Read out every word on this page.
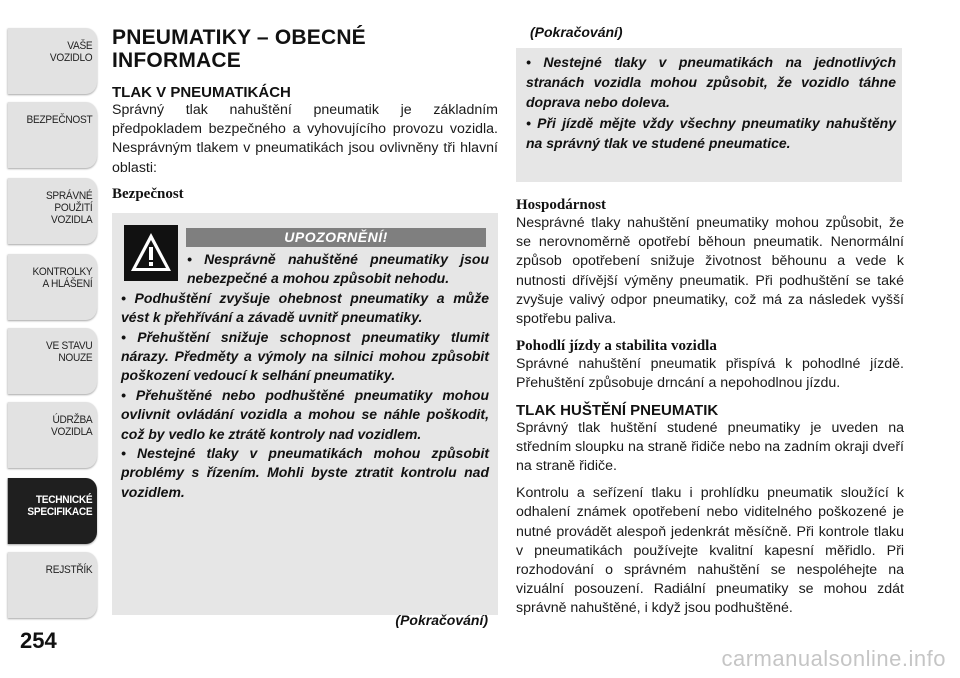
VAŠE
VOZIDLO
BEZPEČNOST
SPRÁVNÉ
POUŽITÍ
VOZIDLA
KONTROLKY
A HLÁŠENÍ
VE STAVU
NOUZE
ÚDRŽBA
VOZIDLA
TECHNICKÉ
SPECIFIKACE
REJSTŘÍK
254
PNEUMATIKY – OBECNÉ
INFORMACE
TLAK V PNEUMATIKÁCH

Správný tlak nahuštění pneumatik je základním předpokladem bezpečného a vyhovujícího provozu vozidla. Nesprávným tlakem v pneumatikách jsou ovlivněny tři hlavní oblasti:

Bezpečnost
UPOZORNĚNÍ!

• Nesprávně nahuštěné pneumatiky jsou nebezpečné a mohou způsobit nehodu.

• Podhuštění zvyšuje ohebnost pneumatiky a může vést k přehřívání a závadě uvnitř pneumatiky.

• Přehuštění snižuje schopnost pneumatiky tlumit nárazy. Předměty a výmoly na silnici mohou způsobit poškození vedoucí k selhání pneumatiky.

• Přehuštěné nebo podhuštěné pneumatiky mohou ovlivnit ovládání vozidla a mohou se náhle poškodit, což by vedlo ke ztrátě kontroly nad vozidlem.

• Nestejné tlaky v pneumatikách mohou způsobit problémy s řízením. Mohli byste ztratit kontrolu nad vozidlem.

(Pokračování)
(Pokračování)

• Nestejné tlaky v pneumatikách na jednotlivých stranách vozidla mohou způsobit, že vozidlo táhne doprava nebo doleva.

• Při jízdě mějte vždy všechny pneumatiky nahuštěny na správný tlak ve studené pneumatice.

Hospodárnost

Nesprávné tlaky nahuštění pneumatiky mohou způsobit, že se nerovnoměrně opotřebí běhoun pneumatik. Nenormální způsob opotřebení snižuje životnost běhounu a vede k nutnosti dřívější výměny pneumatik. Při podhuštění se také zvyšuje valivý odpor pneumatiky, což má za následek vyšší spotřebu paliva.

Pohodlí jízdy a stabilita vozidla

Správné nahuštění pneumatik přispívá k pohodlné jízdě. Přehuštění způsobuje drncání a nepohodlnou jízdu.

TLAK HUŠTĚNÍ PNEUMATIK

Správný tlak huštění studené pneumatiky je uveden na středním sloupku na straně řidiče nebo na zadním okraji dveří na straně řidiče.

Kontrolu a seřízení tlaku i prohlídku pneumatik sloužící k odhalení známek opotřebení nebo viditelného poškozené je nutné provádět alespoň jedenkrát měsíčně. Při kontrole tlaku v pneumatikách používejte kvalitní kapesní měřidlo. Při rozhodování o správném nahuštění se nespoléhejte na vizuální posouzení. Radiální pneumatiky se mohou zdát správně nahuštěné, i když jsou podhuštěné.

carmanualsonline.info
